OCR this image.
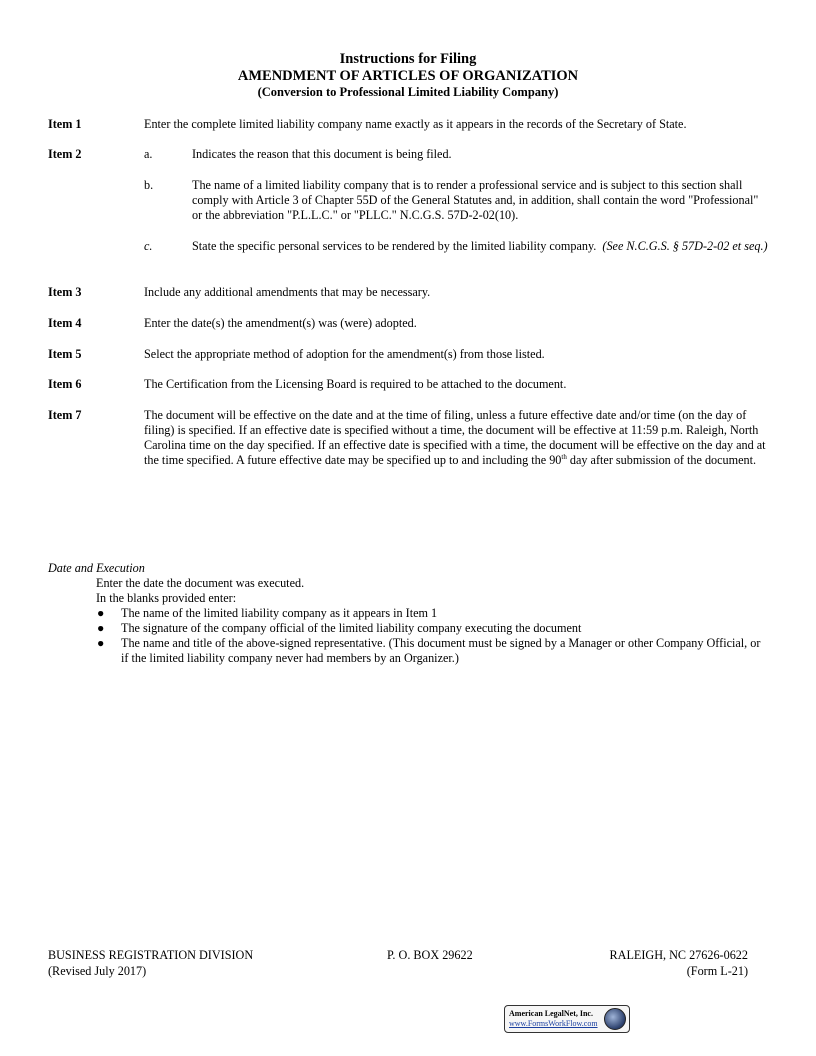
Instructions for Filing
AMENDMENT OF ARTICLES OF ORGANIZATION
(Conversion to Professional Limited Liability Company)
Item 1	Enter the complete limited liability company name exactly as it appears in the records of the Secretary of State.
Item 2	a.	Indicates the reason that this document is being filed.
b.	The name of a limited liability company that is to render a professional service and is subject to this section shall comply with Article 3 of Chapter 55D of the General Statutes and, in addition, shall contain the word "Professional" or the abbreviation "P.L.L.C." or "PLLC." N.C.G.S. 57D-2-02(10).
c.	State the specific personal services to be rendered by the limited liability company. (See N.C.G.S. § 57D-2-02 et seq.)
Item 3	Include any additional amendments that may be necessary.
Item 4	Enter the date(s) the amendment(s) was (were) adopted.
Item 5	Select the appropriate method of adoption for the amendment(s) from those listed.
Item 6	The Certification from the Licensing Board is required to be attached to the document.
Item 7	The document will be effective on the date and at the time of filing, unless a future effective date and/or time (on the day of filing) is specified. If an effective date is specified without a time, the document will be effective at 11:59 p.m. Raleigh, North Carolina time on the day specified. If an effective date is specified with a time, the document will be effective on the day and at the time specified. A future effective date may be specified up to and including the 90th day after submission of the document.
Date and Execution
Enter the date the document was executed.
In the blanks provided enter:
● The name of the limited liability company as it appears in Item 1
● The signature of the company official of the limited liability company executing the document
● The name and title of the above-signed representative. (This document must be signed by a Manager or other Company Official, or if the limited liability company never had members by an Organizer.)
BUSINESS REGISTRATION DIVISION	P. O. BOX 29622	RALEIGH, NC 27626-0622
(Revised July 2017)	(Form L-21)
American LegalNet, Inc.
www.FormsWorkFlow.com
